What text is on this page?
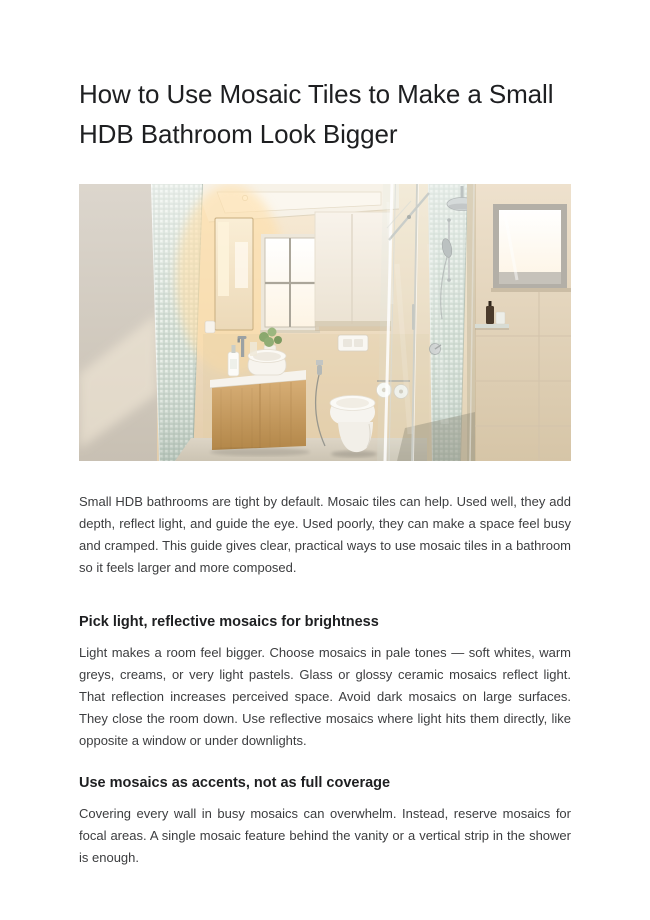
How to Use Mosaic Tiles to Make a Small HDB Bathroom Look Bigger

Small HDB bathrooms are tight by default. Mosaic tiles can help. Used well, they add depth, reflect light, and guide the eye. Used poorly, they can make a space feel busy and cramped. This guide gives clear, practical ways to use mosaic tiles in a bathroom so it feels larger and more composed.

Pick light, reflective mosaics for brightness

Light makes a room feel bigger. Choose mosaics in pale tones — soft whites, warm greys, creams, or very light pastels. Glass or glossy ceramic mosaics reflect light. That reflection increases perceived space. Avoid dark mosaics on large surfaces. They close the room down. Use reflective mosaics where light hits them directly, like opposite a window or under downlights.

Use mosaics as accents, not as full coverage

Covering every wall in busy mosaics can overwhelm. Instead, reserve mosaics for focal areas. A single mosaic feature behind the vanity or a vertical strip in the shower is enough.
